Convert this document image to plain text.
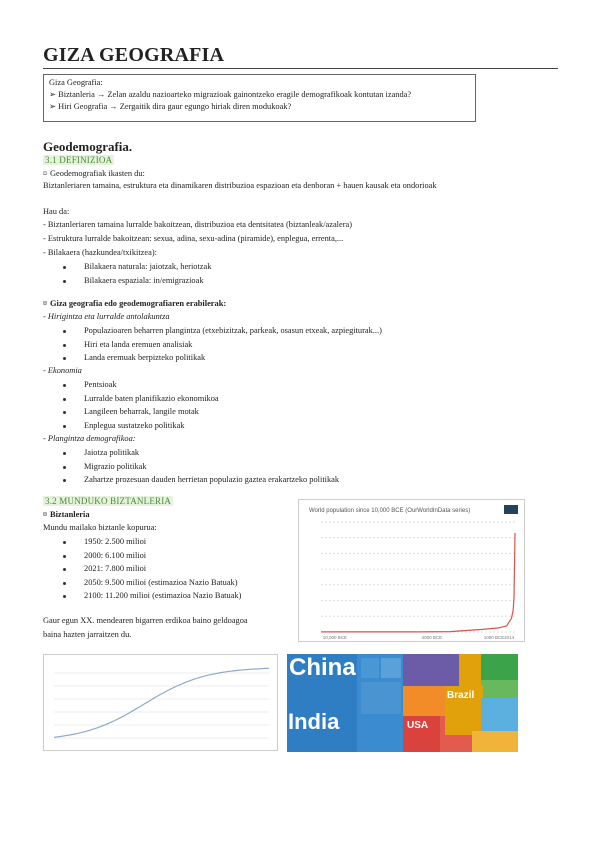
GIZA GEOGRAFIA
Giza Geografia:
➢ Biztanleria → Zelan azaldu nazioarteko migrazioak gainontzeko eragile demografikoak kontutan izanda?
➢ Hiri Geografia → Zergaitik dira gaur egungo hiriak diren modukoak?
Geodemografia.
3.1 DEFINIZIOA
¤ Geodemografiak ikasten du:
Biztanleriaren tamaina, estruktura eta dinamikaren distribuzioa espazioan eta denboran + hauen kausak eta ondorioak
Hau da:
- Biztanleriaren tamaina lurralde bakoitzean, distribuzioa eta dentsitatea (biztanleak/azalera)
- Estruktura lurralde bakoitzean: sexua, adina, sexu-adina (piramide), enplegua, errenta,...
- Bilakaera (hazkundea/txikitzea):
Bilakaera naturala: jaiotzak, heriotzak
Bilakaera espaziala: in/emigrazioak
¤ Giza geografia edo geodemografiaren erabilerak:
- Hirigintza eta lurralde antolakuntza
Populazioaren beharren plangintza (etxebizitzak, parkeak, osasun etxeak, azpiegiturak...)
Hiri eta landa eremuen analisiak
Landa eremuak berpizteko politikak
- Ekonomia
Pentsioak
Lurralde baten planifikazio ekonomikoa
Langileen beharrak, langile motak
Enplegua sustatzeko politikak
- Plangintza demografikoa:
Jaiotza politikak
Migrazio politikak
Zahartze prozesuan dauden herrietan populazio gaztea erakartzeko politikak
3.2 MUNDUKO BIZTANLERIA
¤ Biztanleria
Mundu mailako biztanle kopurua:
1950: 2.500 milioi
2000: 6.100 milioi
2021: 7.800 milioi
2050: 9.500 milioi (estimazioa Nazio Batuak)
2100: 11.200 milioi (estimazioa Nazio Batuak)
Gaur egun XX. mendearen bigarren erdikoa baino geldoagoa
baina hazten jarraitzen du.
World population since 10,000 BCE (OurWorldInData series)
10,000 BCE	4000 BCE	1000 BCE 2014
China
India	USA
Brazil
